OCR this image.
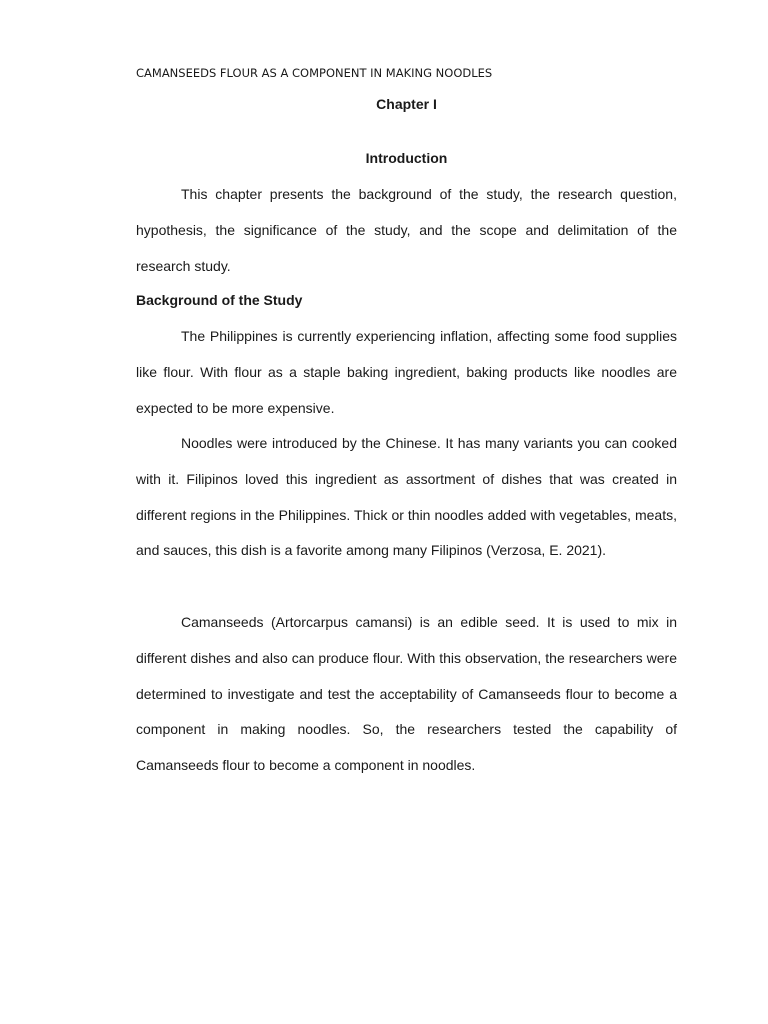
CAMANSEEDS FLOUR AS A COMPONENT IN MAKING NOODLES
Chapter I
Introduction

This chapter presents the background of the study, the research question, hypothesis, the significance of the study, and the scope and delimitation of the research study.

Background of the Study

The Philippines is currently experiencing inflation, affecting some food supplies like flour. With flour as a staple baking ingredient, baking products like noodles are expected to be more expensive.

Noodles were introduced by the Chinese. It has many variants you can cooked with it. Filipinos loved this ingredient as assortment of dishes that was created in different regions in the Philippines. Thick or thin noodles added with vegetables, meats, and sauces, this dish is a favorite among many Filipinos (Verzosa, E. 2021).

Camanseeds (Artorcarpus camansi) is an edible seed. It is used to mix in different dishes and also can produce flour. With this observation, the researchers were determined to investigate and test the acceptability of Camanseeds flour to become a component in making noodles. So, the researchers tested the capability of Camanseeds flour to become a component in noodles.
